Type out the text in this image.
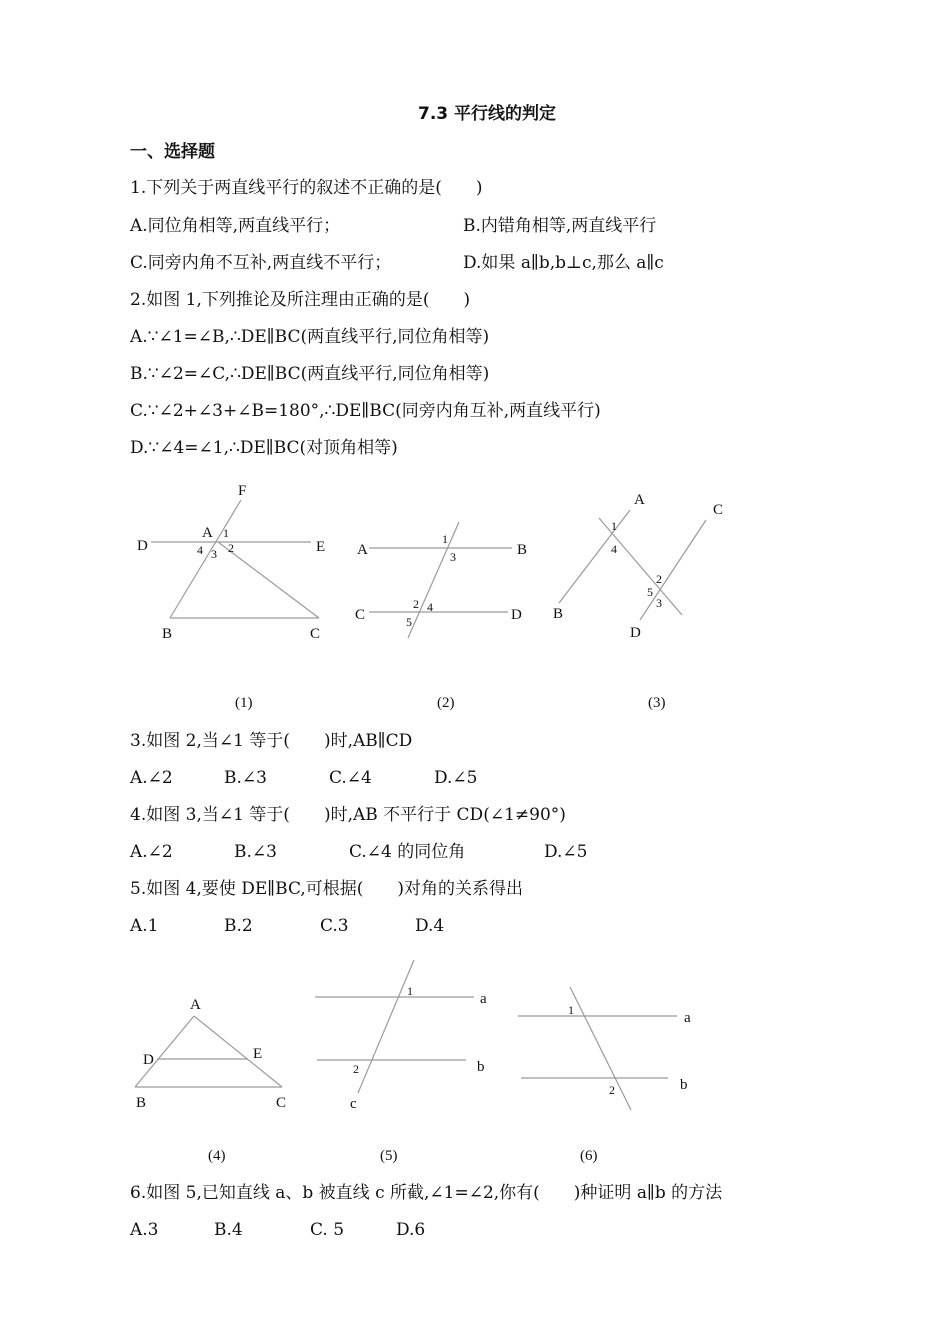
7.3 平行线的判定
一、选择题
1.下列关于两直线平行的叙述不正确的是(　　)
A.同位角相等,两直线平行；	B.内错角相等,两直线平行
C.同旁内角不互补,两直线不平行；	D.如果 a∥b,b⊥c,那么 a∥c
2.如图 1,下列推论及所注理由正确的是(　　)
A.∵∠1=∠B,∴DE∥BC(两直线平行,同位角相等)
B.∵∠2=∠C,∴DE∥BC(两直线平行,同位角相等)
C.∵∠2+∠3+∠B=180°,∴DE∥BC(同旁内角互补,两直线平行)
D.∵∠4=∠1,∴DE∥BC(对顶角相等)
F
A
D	E
B	C
1
2
3
4	A	B
C	D
1
3
2 4
5
A
B
C
D
1
4
2
5
3
(1)	(2)	(3)
3.如图 2,当∠1 等于(　　)时,AB∥CD
A.∠2	B.∠3	C.∠4	D.∠5
4.如图 3,当∠1 等于(　　)时,AB 不平行于 CD(∠1≠90°)
A.∠2	B.∠3	C.∠4 的同位角	D.∠5
5.如图 4,要使 DE∥BC,可根据(　　)对角的关系得出
A.1	B.2	C.3	D.4
A
D	E
B	C
a
b
c
1
2
a
b
1
2
(4)	(5)	(6)
6.如图 5,已知直线 a、b 被直线 c 所截,∠1=∠2,你有(　　)种证明 a∥b 的方法
A.3	B.4	C. 5	D.6
